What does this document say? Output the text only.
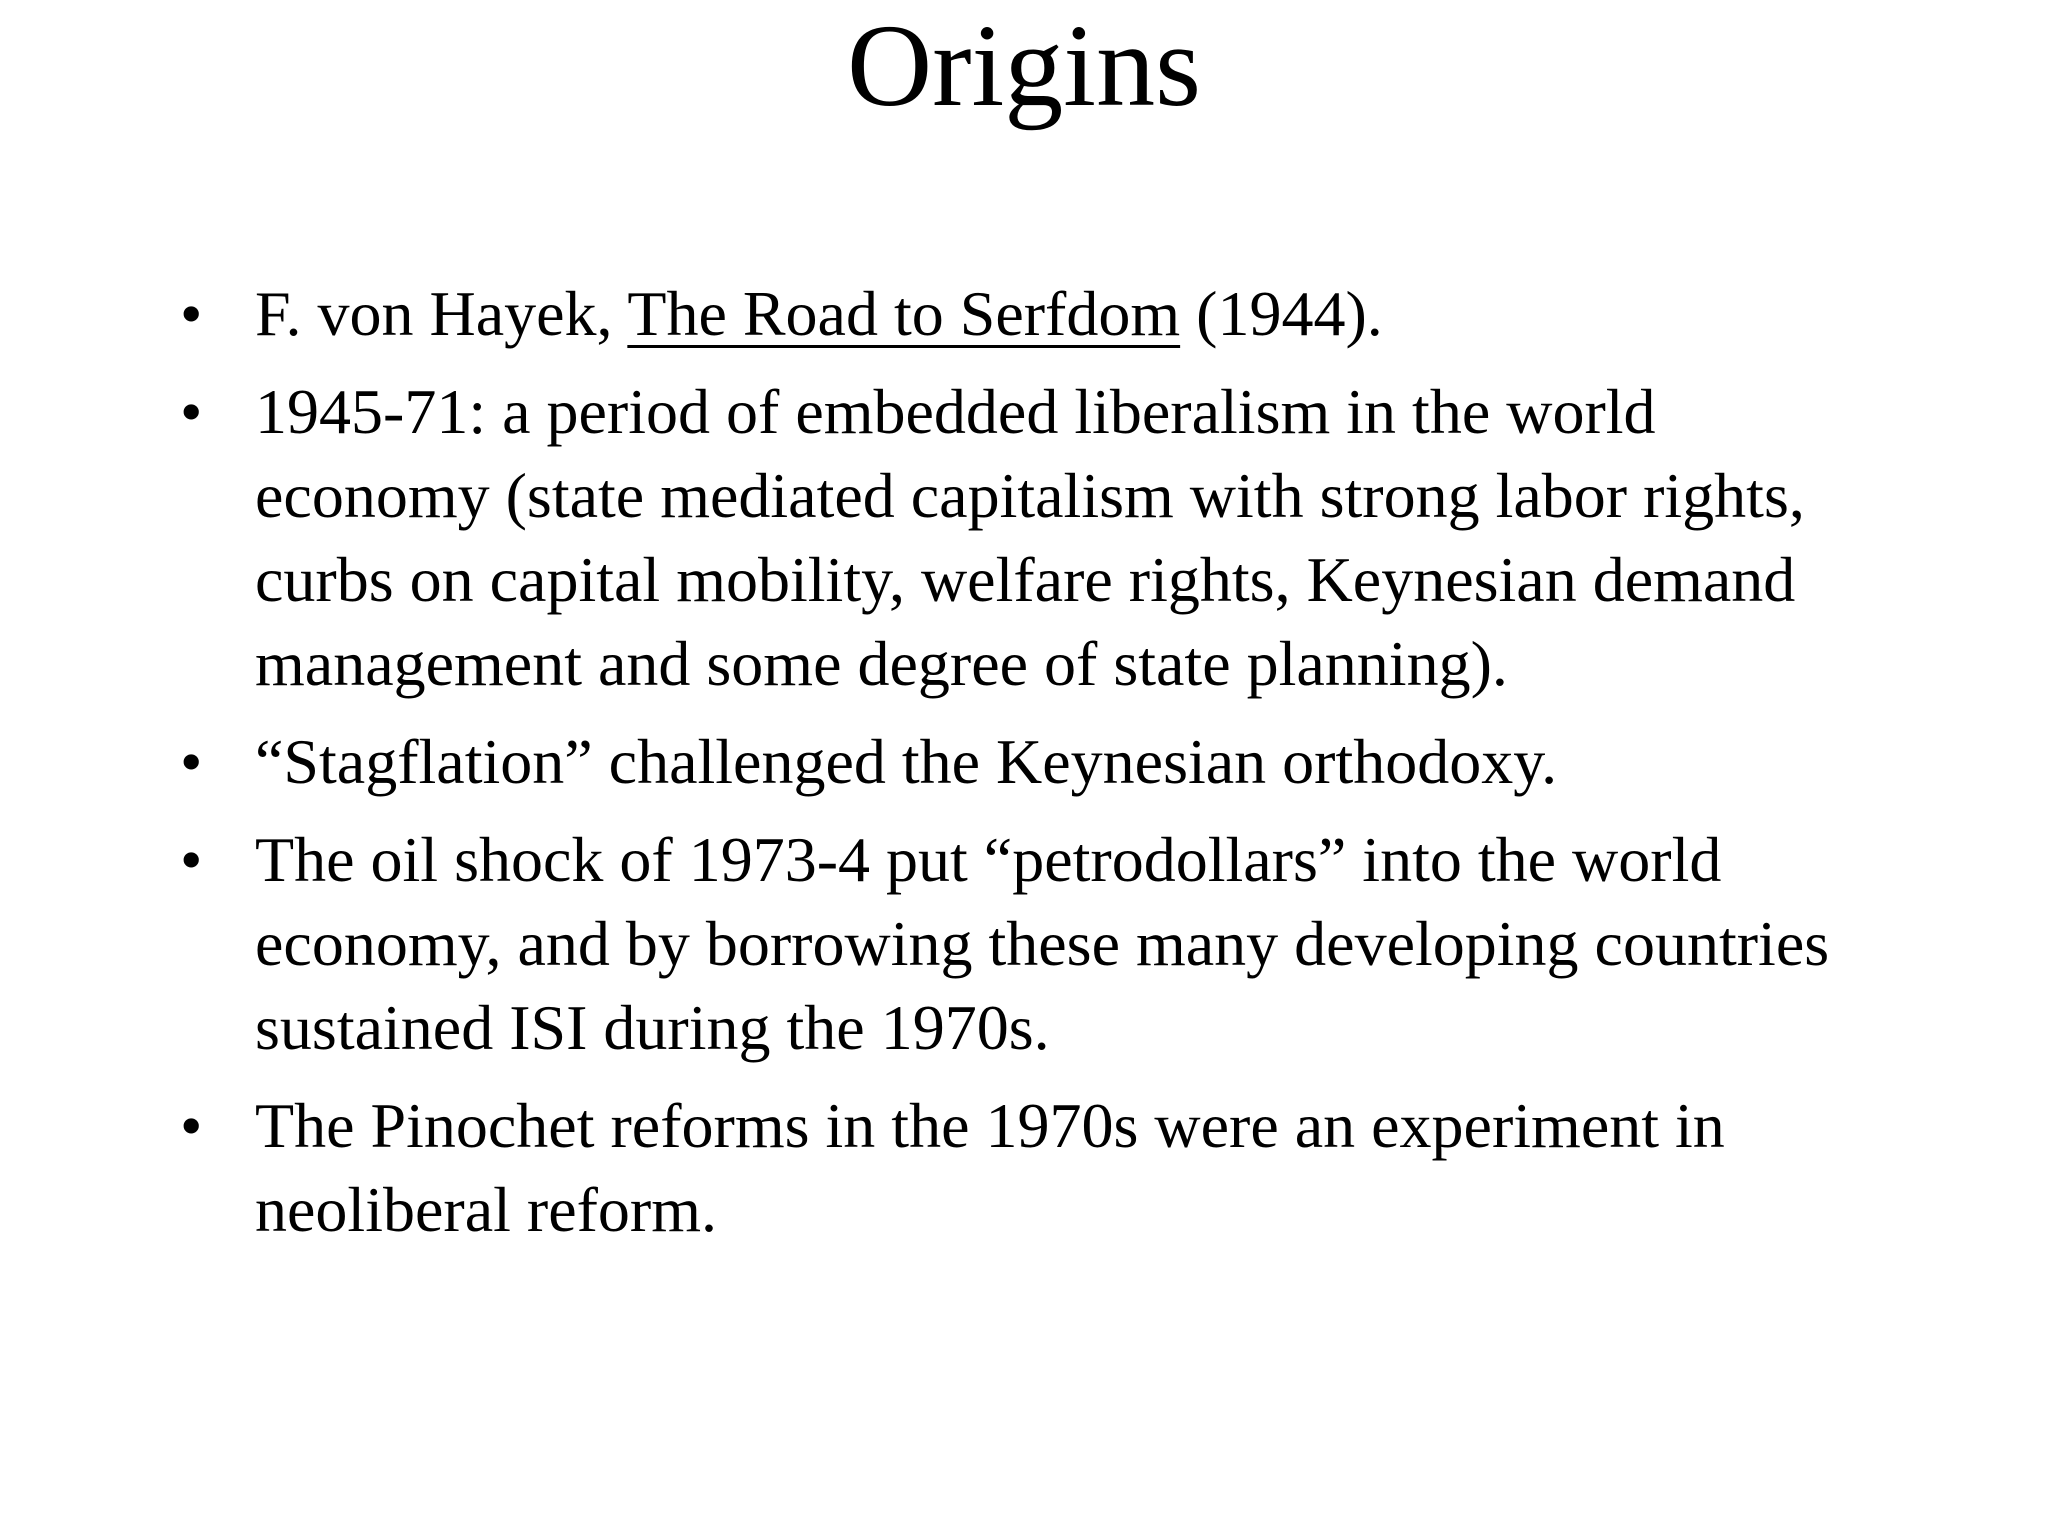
Origins
• F. von Hayek, The Road to Serfdom (1944).
• 1945-71: a period of embedded liberalism in the world economy (state mediated capitalism with strong labor rights, curbs on capital mobility, welfare rights, Keynesian demand management and some degree of state planning).
• “Stagflation” challenged the Keynesian orthodoxy.
• The oil shock of 1973-4 put “petrodollars” into the world economy, and by borrowing these many developing countries sustained ISI during the 1970s.
• The Pinochet reforms in the 1970s were an experiment in neoliberal reform.
